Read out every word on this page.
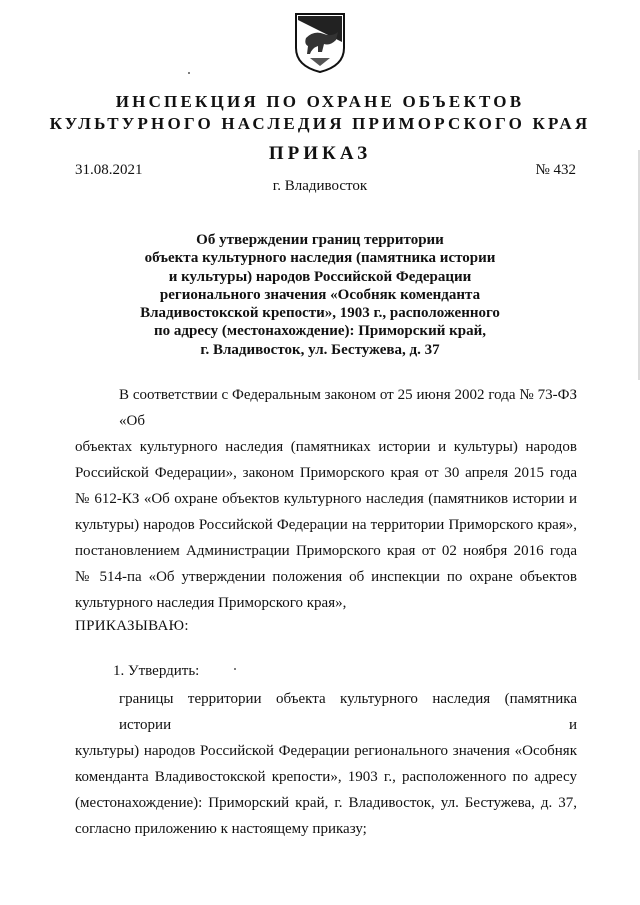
ИНСПЕКЦИЯ ПО ОХРАНЕ ОБЪЕКТОВ
КУЛЬТУРНОГО НАСЛЕДИЯ ПРИМОРСКОГО КРАЯ
ПРИКАЗ
31.08.2021	№ 432
г. Владивосток
Об утверждении границ территории
объекта культурного наследия (памятника истории
и культуры) народов Российской Федерации
регионального значения «Особняк коменданта
Владивостокской крепости», 1903 г., расположенного
по адресу (местонахождение): Приморский край,
г. Владивосток, ул. Бестужева, д. 37
В соответствии с Федеральным законом от 25 июня 2002 года № 73-ФЗ «Об
объектах культурного наследия (памятниках истории и культуры) народов
Российской Федерации», законом Приморского края от 30 апреля 2015 года
№ 612-КЗ «Об охране объектов культурного наследия (памятников истории и
культуры) народов Российской Федерации на территории Приморского края»,
постановлением Администрации Приморского края от 02 ноября 2016 года
№ 514-па «Об утверждении положения об инспекции по охране объектов
культурного наследия Приморского края»,
ПРИКАЗЫВАЮ:
1. Утвердить:
границы территории объекта культурного наследия (памятника истории и
культуры) народов Российской Федерации регионального значения «Особняк
коменданта Владивостокской крепости», 1903 г., расположенного по адресу
(местонахождение): Приморский край, г. Владивосток, ул. Бестужева, д. 37,
согласно приложению к настоящему приказу;
